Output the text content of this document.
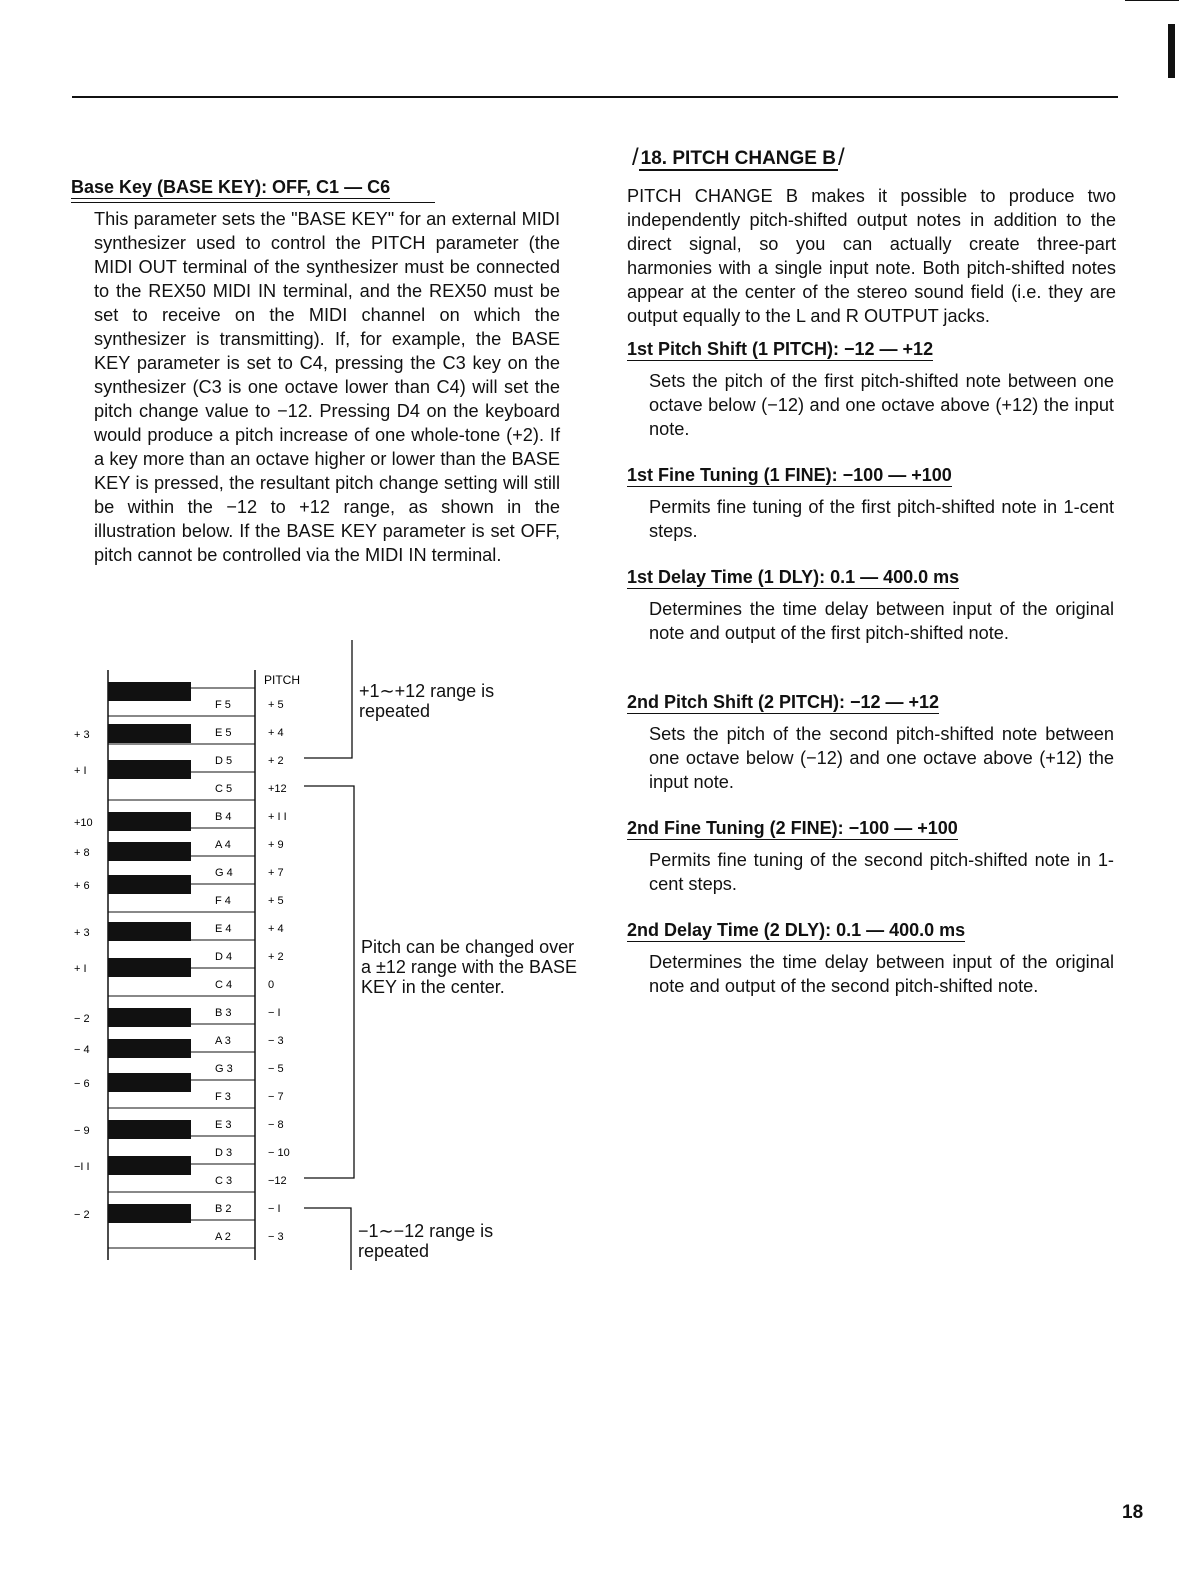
Base Key (BASE KEY): OFF, C1 — C6

This parameter sets the "BASE KEY" for an external MIDI synthesizer used to control the PITCH parameter (the MIDI OUT terminal of the synthesizer must be connected to the REX50 MIDI IN terminal, and the REX50 must be set to receive on the MIDI channel on which the synthesizer is transmitting). If, for example, the BASE KEY parameter is set to C4, pressing the C3 key on the synthesizer (C3 is one octave lower than C4) will set the pitch change value to −12. Pressing D4 on the keyboard would produce a pitch increase of one whole-tone (+2). If a key more than an octave higher or lower than the BASE KEY is pressed, the resultant pitch change setting will still be within the −12 to +12 range, as shown in the illustration below. If the BASE KEY parameter is set OFF, pitch cannot be controlled via the MIDI IN terminal.

PITCH
F 5	+ 5
E 5	+ 4
D 5	+ 2
C 5	+12
B 4	+ I I
A 4	+ 9
G 4	+ 7
F 4	+ 5
E 4	+ 4
D 4	+ 2
C 4	0
B 3	− I
A 3	− 3
G 3	− 5
F 3	− 7
E 3	− 8
D 3	− 10
C 3	−12
B 2	− I
A 2	− 3
+ 3
+ I
+10
+ 8
+ 6
+ 3
+ I
− 2
− 4
− 6
− 9
−I I
− 2
+1∼+12 range is repeated
Pitch can be changed over a ±12 range with the BASE KEY in the center.
−1∼−12 range is repeated
/ 18. PITCH CHANGE B/

PITCH CHANGE B makes it possible to produce two independently pitch-shifted output notes in addition to the direct signal, so you can actually create three-part harmonies with a single input note. Both pitch-shifted notes appear at the center of the stereo sound field (i.e. they are output equally to the L and R OUTPUT jacks.

1st Pitch Shift (1 PITCH): −12 — +12

Sets the pitch of the first pitch-shifted note between one octave below (−12) and one octave above (+12) the input note.

1st Fine Tuning (1 FINE): −100 — +100

Permits fine tuning of the first pitch-shifted note in 1-cent steps.

1st Delay Time (1 DLY): 0.1 — 400.0 ms

Determines the time delay between input of the original note and output of the first pitch-shifted note.

2nd Pitch Shift (2 PITCH): −12 — +12

Sets the pitch of the second pitch-shifted note between one octave below (−12) and one octave above (+12) the input note.

2nd Fine Tuning (2 FINE): −100 — +100

Permits fine tuning of the second pitch-shifted note in 1-cent steps.

2nd Delay Time (2 DLY): 0.1 — 400.0 ms

Determines the time delay between input of the original note and output of the second pitch-shifted note.

18
